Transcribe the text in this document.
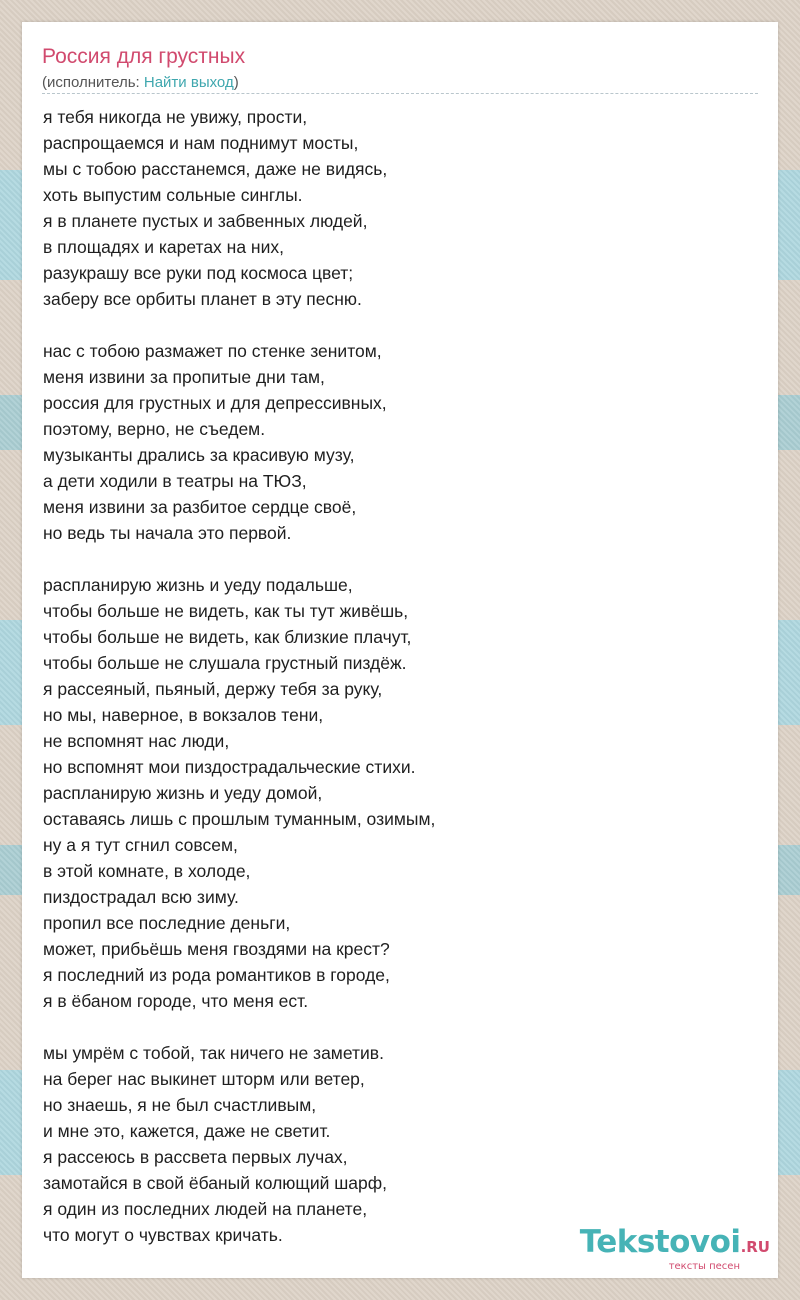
Россия для грустных
(исполнитель: Найти выход)
я тебя никогда не увижу, прости,
распрощаемся и нам поднимут мосты,
мы с тобою расстанемся, даже не видясь,
хоть выпустим сольные синглы.
я в планете пустых и забвенных людей,
в площадях и каретах на них,
разукрашу все руки под космоса цвет;
заберу все орбиты планет в эту песню.
нас с тобою размажет по стенке зенитом,
меня извини за пропитые дни там,
россия для грустных и для депрессивных,
поэтому, верно, не съедем.
музыканты дрались за красивую музу,
а дети ходили в театры на ТЮЗ,
меня извини за разбитое сердце своё,
но ведь ты начала это первой.
распланирую жизнь и уеду подальше,
чтобы больше не видеть, как ты тут живёшь,
чтобы больше не видеть, как близкие плачут,
чтобы больше не слушала грустный пиздёж.
я рассеяный, пьяный, держу тебя за руку,
но мы, наверное, в вокзалов тени,
не вспомнят нас люди,
но вспомнят мои пиздострадальческие стихи.
распланирую жизнь и уеду домой,
оставаясь лишь с прошлым туманным, озимым,
ну а я тут сгнил совсем,
в этой комнате, в холоде,
пиздострадал всю зиму.
пропил все последние деньги,
может, прибьёшь меня гвоздями на крест?
я последний из рода романтиков в городе,
я в ёбаном городе, что меня ест.
мы умрём с тобой, так ничего не заметив.
на берег нас выкинет шторм или ветер,
но знаешь, я не был счастливым,
и мне это, кажется, даже не светит.
я рассеюсь в рассвета первых лучах,
замотайся в свой ёбаный колющий шарф,
я один из последних людей на планете,
что могут о чувствах кричать.	Tekstovoi.RU
тексты песен
